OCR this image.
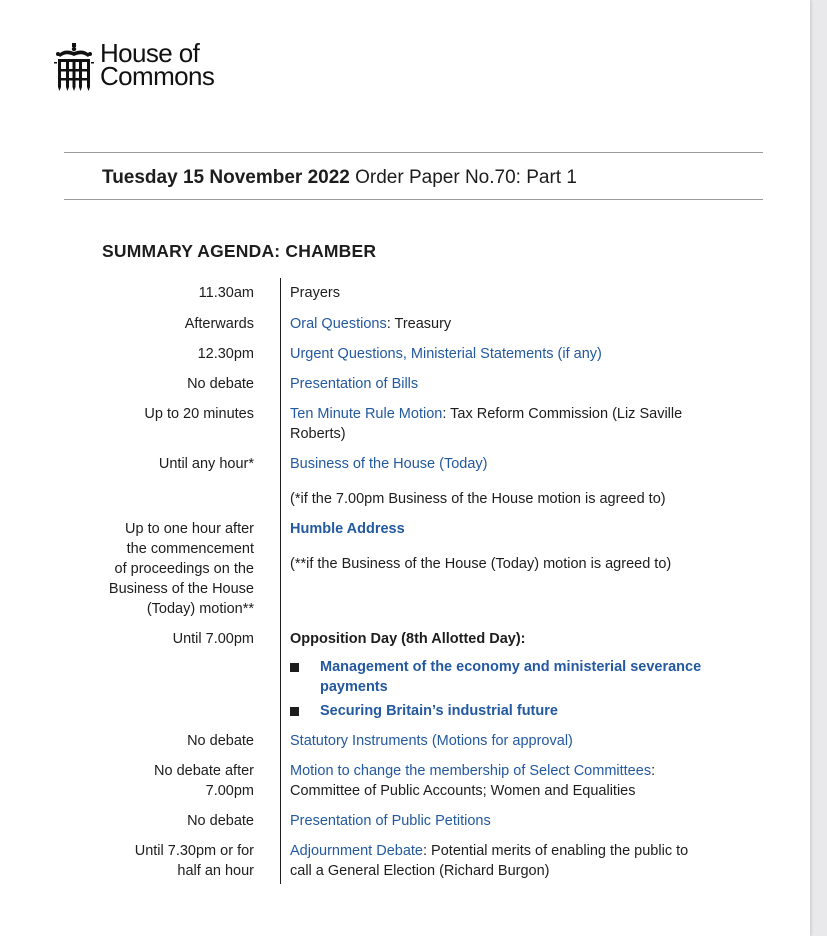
House of
Commons
Tuesday 15 November 2022 Order Paper No.70: Part 1
SUMMARY AGENDA: CHAMBER
11.30am Prayers
Afterwards Oral Questions: Treasury
12.30pm Urgent Questions, Ministerial Statements (if any)
No debate Presentation of Bills
Up to 20 minutes Ten Minute Rule Motion: Tax Reform Commission (Liz Saville
Roberts)
Until any hour* Business of the House (Today)
(*if the 7.00pm Business of the House motion is agreed to)
Up to one hour after
the commencement
of proceedings on the
Business of the House
(Today) motion**
Humble Address
(**if the Business of the House (Today) motion is agreed to)
Until 7.00pm Opposition Day (8th Allotted Day):
Management of the economy and ministerial severance
payments
Securing Britain’s industrial future
No debate Statutory Instruments (Motions for approval)
No debate after
7.00pm
Motion to change the membership of Select Committees:
Committee of Public Accounts; Women and Equalities
No debate Presentation of Public Petitions
Until 7.30pm or for
half an hour
Adjournment Debate: Potential merits of enabling the public to
call a General Election (Richard Burgon)
